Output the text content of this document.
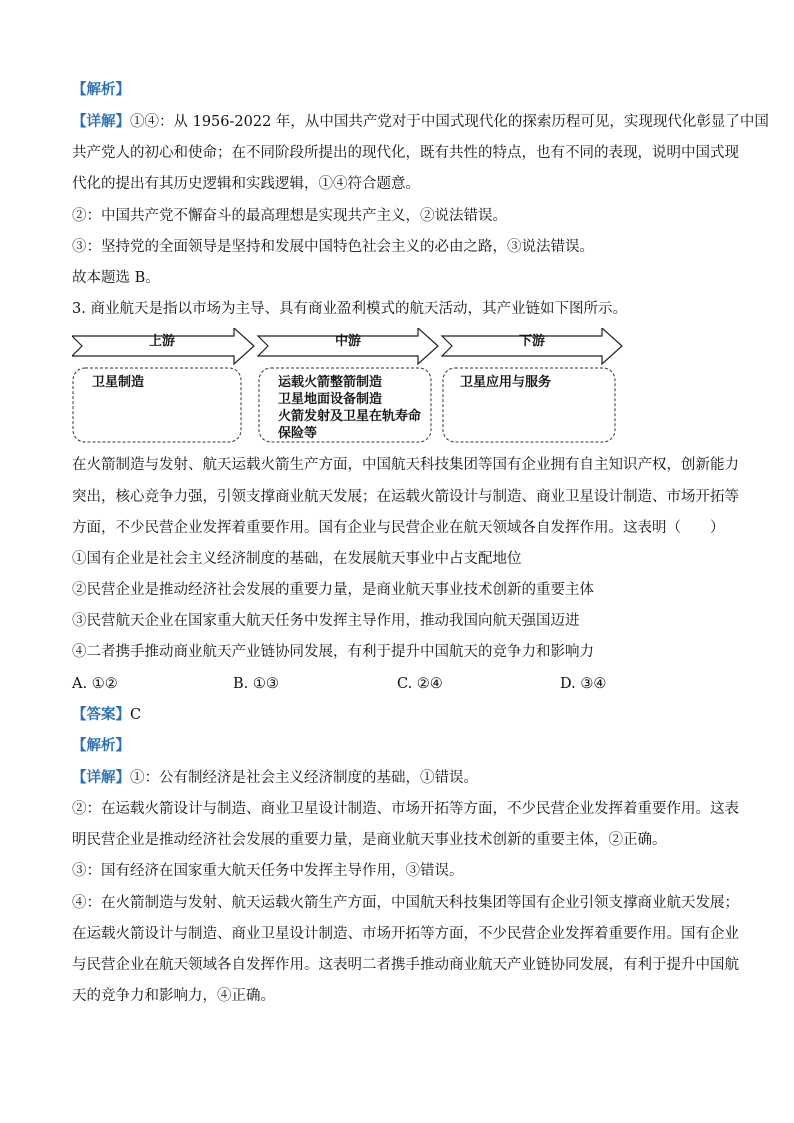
【解析】
【详解】①④：从 1956-2022 年，从中国共产党对于中国式现代化的探索历程可见，实现现代化彰显了中国
共产党人的初心和使命；在不同阶段所提出的现代化，既有共性的特点，也有不同的表现，说明中国式现
代化的提出有其历史逻辑和实践逻辑，①④符合题意。
②：中国共产党不懈奋斗的最高理想是实现共产主义，②说法错误。
③：坚持党的全面领导是坚持和发展中国特色社会主义的必由之路，③说法错误。
故本题选 B。
3. 商业航天是指以市场为主导、具有商业盈利模式的航天活动，其产业链如下图所示。
上游	中游	下游
卫星制造	运载火箭整箭制造
卫星地面设备制造
火箭发射及卫星在轨寿命
保险等
卫星应用与服务
在火箭制造与发射、航天运载火箭生产方面，中国航天科技集团等国有企业拥有自主知识产权，创新能力
突出，核心竞争力强，引领支撑商业航天发展；在运载火箭设计与制造、商业卫星设计制造、市场开拓等
方面，不少民营企业发挥着重要作用。国有企业与民营企业在航天领域各自发挥作用。这表明（　　）
①国有企业是社会主义经济制度的基础，在发展航天事业中占支配地位
②民营企业是推动经济社会发展的重要力量，是商业航天事业技术创新的重要主体
③民营航天企业在国家重大航天任务中发挥主导作用，推动我国向航天强国迈进
④二者携手推动商业航天产业链协同发展，有利于提升中国航天的竞争力和影响力
A. ①②	B. ①③	C. ②④	D. ③④
【答案】C
【解析】
【详解】①：公有制经济是社会主义经济制度的基础，①错误。
②：在运载火箭设计与制造、商业卫星设计制造、市场开拓等方面，不少民营企业发挥着重要作用。这表
明民营企业是推动经济社会发展的重要力量，是商业航天事业技术创新的重要主体，②正确。
③：国有经济在国家重大航天任务中发挥主导作用，③错误。
④：在火箭制造与发射、航天运载火箭生产方面，中国航天科技集团等国有企业引领支撑商业航天发展；
在运载火箭设计与制造、商业卫星设计制造、市场开拓等方面，不少民营企业发挥着重要作用。国有企业
与民营企业在航天领域各自发挥作用。这表明二者携手推动商业航天产业链协同发展，有利于提升中国航
天的竞争力和影响力，④正确。
